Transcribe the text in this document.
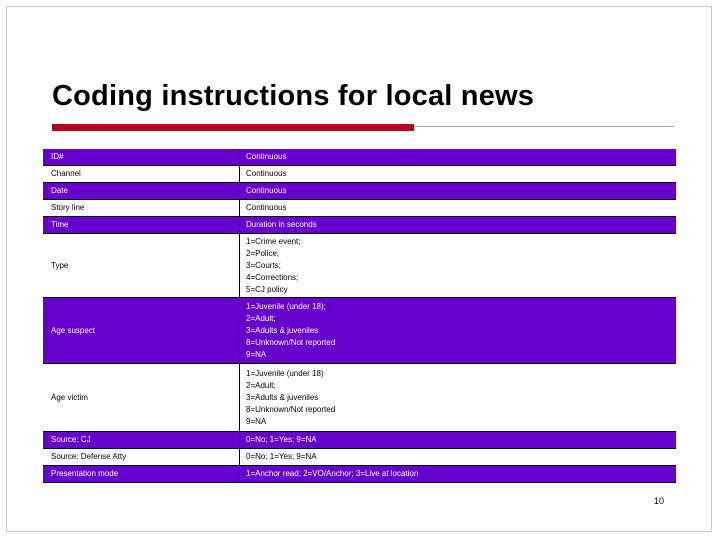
Coding instructions for local news
ID#	Continuous
Channel	Continuous
Date	Continuous
Story line	Continuous
Time	Duration in seconds
Type	1=Crime event;
2=Police;
3=Courts;
4=Corrections;
5=CJ policy

Age suspect	1=Juvenile (under 18);
2=Adult;
3=Adults & juveniles
8=Unknown/Not reported
9=NA

Age victim	1=Juvenile (under 18)
2=Adult;
3=Adults & juveniles
8=Unknown/Not reported
9=NA

Source: CJ	0=No; 1=Yes; 9=NA
Source: Defense Atty	0=No; 1=Yes; 9=NA
Presentation mode	1=Anchor read; 2=VO/Anchor; 3=Live at location
10
